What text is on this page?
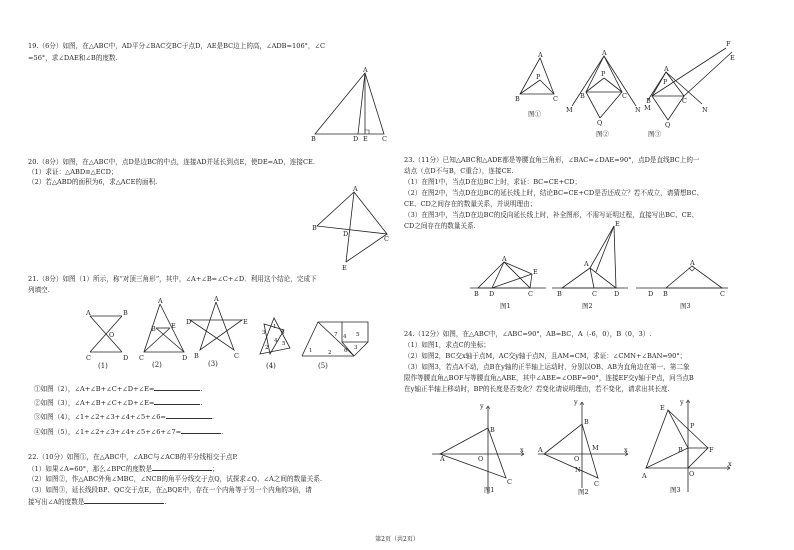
19.（6分）如图，在△ABC中，AD平分∠BAC交BC于点D，AE是BC边上的高，∠ADB=106°，∠C
=56°，求∠DAE和∠B的度数.
A
B	D E C
20.（8分）如图，在△ABC中，点D是边BC的中点，连接AD并延长到点E，使DE=AD，连接CE.
（1）求证：△ABD≌△ECD；
（2）若△ABD的面积为6，求△ACE的面积.
A
B
D
C
E
21.（8分）如图（1）所示，称“对顶三角形”，其中，∠A+∠B=∠C+∠D．利用这个结论，完成下
列填空.
A	B
O
C	D
(1)
A
B E
C	D
(2)
A
D	E
B	C
(3)
1
2
3
4 5
6
(4)
1
7 4 5
6 3
2
(5)
①如图（2），∠A+∠B+∠C+∠D+∠E=	.
②如图（3），∠A+∠B+∠C+∠D+∠E=	.
③如图（4），∠1+∠2+∠3+∠4+∠5+∠6=	.
④如图（5），∠1+∠2+∠3+∠4+∠5+∠6+∠7=	.
22.（10分）如图①，在△ABC中，∠ABC与∠ACB的平分线相交于点P.
（1）如果∠A=60°，那么∠BPC的度数是	；
（2）如图②，作△ABC外角∠MBC，∠NCB的角平分线交于点Q，试探求∠Q、∠A之间的数量关系.
（3）如图③，延长线段BP、QC交于点E，在△BQE中，存在一个内角等于另一个内角的3倍，请
接写出∠A的度数是	.
A
P
B	C
图①
A
P
B	C
M	N
Q
图②
A
P
B	C
M	N
Q
F
E
图③
23.（11分）已知△ABC和△ADE都是等腰直角三角形，∠BAC=∠DAE=90°，点D是直线BC上的一
动点（点D不与B，C重合），连接CE.
（1）在图1中，当点D在边BC上时，求证：BC=CE+CD；
（2）在图2中，当点D在边BC的延长线上时，结论BC=CE+CD是否还成立？若不成立，请猜想BC、
CE、CD之间存在的数量关系，并说明理由；
（3）在图3中，当点D在边BC的反向延长线上时，补全图形，不需写证明过程，直接写出BC、CE、
CD之间存在的数量关系.
A
E
B D	C
图1
A
E
B	C	D
图2
A
D B	C
图3
24.（12分）如图，在△ABC中，∠ABC=90°，AB=BC，A（-6，0），B（0，3）.
（1）如图1，求点C的坐标；
（2）如图2，BC交x轴于点M，AC交y轴于点N，且AM=CM，求证：∠CMN+∠BAN=90°；
（3）如图3，若点A不动，点B在y轴的正半轴上运动时，分别以OB、AB为直角边在第一、第二象
限作等腰直角△BOF与等腰直角△ABE，其中∠ABE=∠OBF=90°，连接EF交y轴于P点，问当点B
在y轴正半轴上移动时，BP的长度是否变化？若变化请说明理由，若不变化，请求出其长度.
y
x
A
B
O
C
图1
y
x
A
B
O
M
N
C
图2
y
x
E
P
B	F
A	O
图3
第2页（共2页）
